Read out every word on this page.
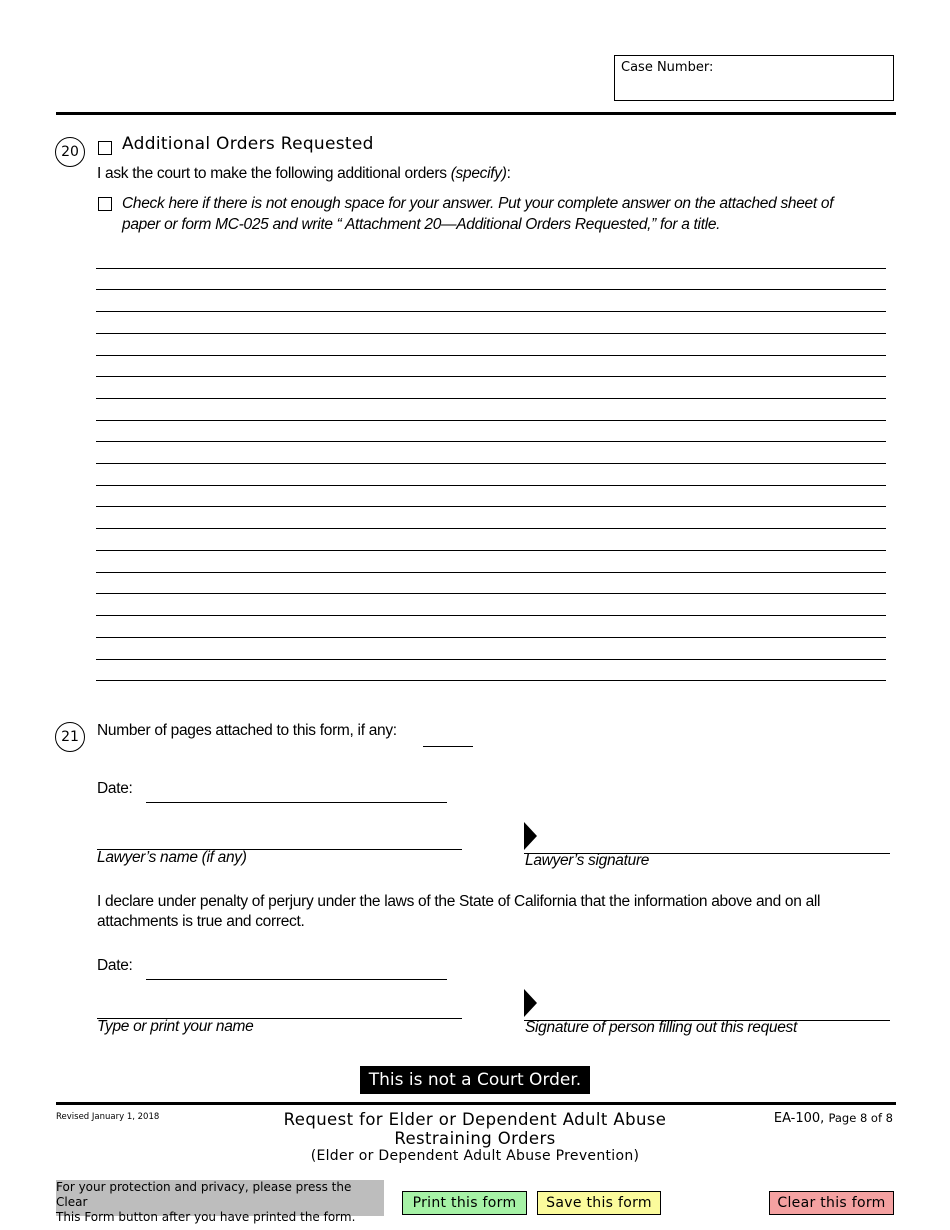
Case Number:
20	Additional Orders Requested
I ask the court to make the following additional orders (specify):
Check here if there is not enough space for your answer. Put your complete answer on the attached sheet of
paper or form MC-025 and write “ Attachment 20—Additional Orders Requested,” for a title.
21	Number of pages attached to this form, if any:
Date:
Lawyer’s name (if any)	Lawyer’s signature
I declare under penalty of perjury under the laws of the State of California that the information above and on all
attachments is true and correct.
Date:
Type or print your name	Signature of person filling out this request
This is not a Court Order.
Revised January 1, 2018	Request for Elder or Dependent Adult Abuse
Restraining Orders
(Elder or Dependent Adult Abuse Prevention)
EA-100, Page 8 of 8
For your protection and privacy, please press the Clear
This Form button after you have printed the form.
Print this form	Save this form	Clear this form
